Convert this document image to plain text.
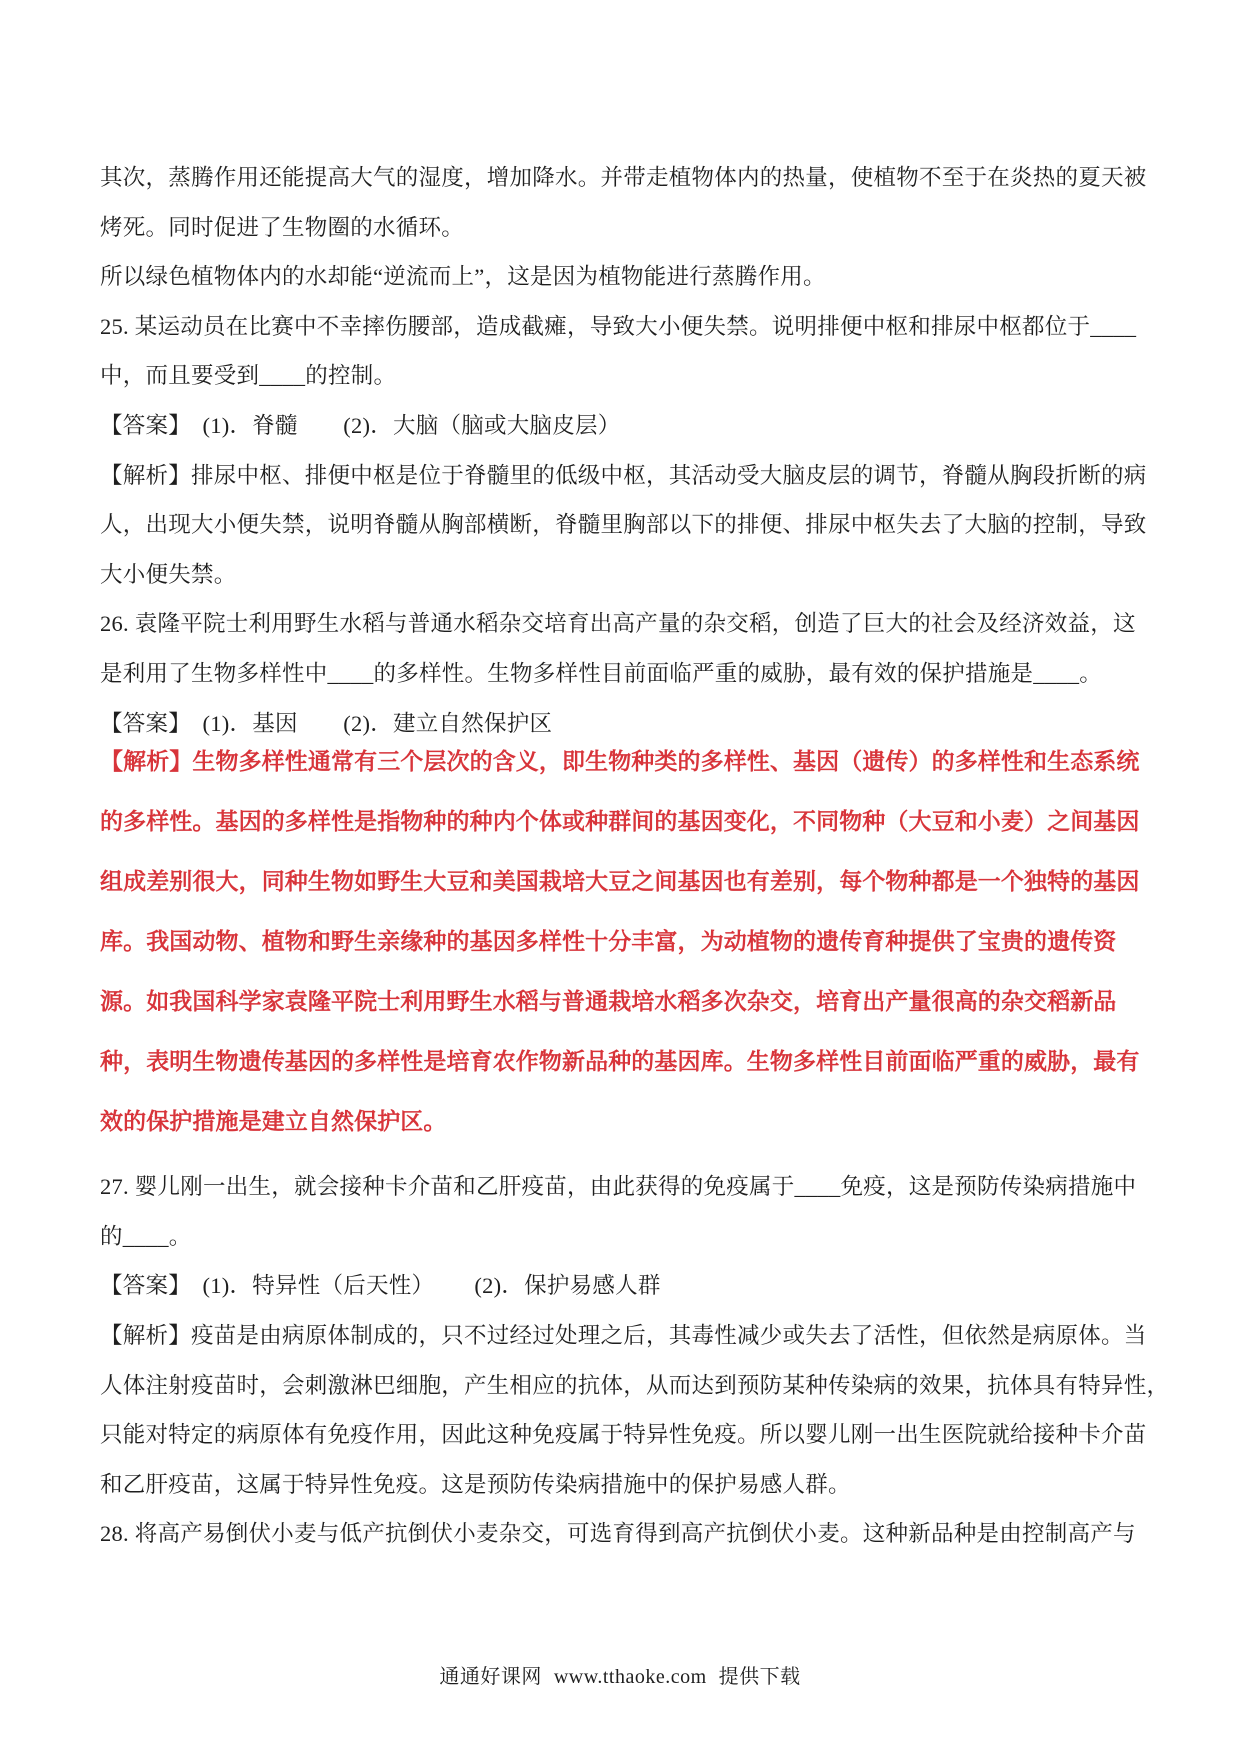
其次，蒸腾作用还能提高大气的湿度，增加降水。并带走植物体内的热量，使植物不至于在炎热的夏天被
烤死。同时促进了生物圈的水循环。
所以绿色植物体内的水却能“逆流而上”，这是因为植物能进行蒸腾作用。
25. 某运动员在比赛中不幸摔伤腰部，造成截瘫，导致大小便失禁。说明排便中枢和排尿中枢都位于____
中，而且要受到____的控制。
【答案】　(1)．脊髓　　(2)．大脑（脑或大脑皮层）
【解析】排尿中枢、排便中枢是位于脊髓里的低级中枢，其活动受大脑皮层的调节，脊髓从胸段折断的病
人，出现大小便失禁，说明脊髓从胸部横断，脊髓里胸部以下的排便、排尿中枢失去了大脑的控制，导致
大小便失禁。
26. 袁隆平院士利用野生水稻与普通水稻杂交培育出高产量的杂交稻，创造了巨大的社会及经济效益，这
是利用了生物多样性中____的多样性。生物多样性目前面临严重的威胁，最有效的保护措施是____。
【答案】　(1)．基因　　(2)．建立自然保护区
【解析】生物多样性通常有三个层次的含义，即生物种类的多样性、基因（遗传）的多样性和生态系统
的多样性。基因的多样性是指物种的种内个体或种群间的基因变化，不同物种（大豆和小麦）之间基因
组成差别很大，同种生物如野生大豆和美国栽培大豆之间基因也有差别，每个物种都是一个独特的基因
库。我国动物、植物和野生亲缘种的基因多样性十分丰富，为动植物的遗传育种提供了宝贵的遗传资
源。如我国科学家袁隆平院士利用野生水稻与普通栽培水稻多次杂交，培育出产量很高的杂交稻新品
种，表明生物遗传基因的多样性是培育农作物新品种的基因库。生物多样性目前面临严重的威胁，最有
效的保护措施是建立自然保护区。
27. 婴儿刚一出生，就会接种卡介苗和乙肝疫苗，由此获得的免疫属于____免疫，这是预防传染病措施中
的____。
【答案】　(1)．特异性（后天性）　　 (2)．保护易感人群
【解析】疫苗是由病原体制成的，只不过经过处理之后，其毒性减少或失去了活性，但依然是病原体。当
人体注射疫苗时，会刺激淋巴细胞，产生相应的抗体，从而达到预防某种传染病的效果，抗体具有特异性，
只能对特定的病原体有免疫作用，因此这种免疫属于特异性免疫。所以婴儿刚一出生医院就给接种卡介苗
和乙肝疫苗，这属于特异性免疫。这是预防传染病措施中的保护易感人群。
28. 将高产易倒伏小麦与低产抗倒伏小麦杂交，可选育得到高产抗倒伏小麦。这种新品种是由控制高产与
通通好课网 www.tthaoke.com 提供下载
